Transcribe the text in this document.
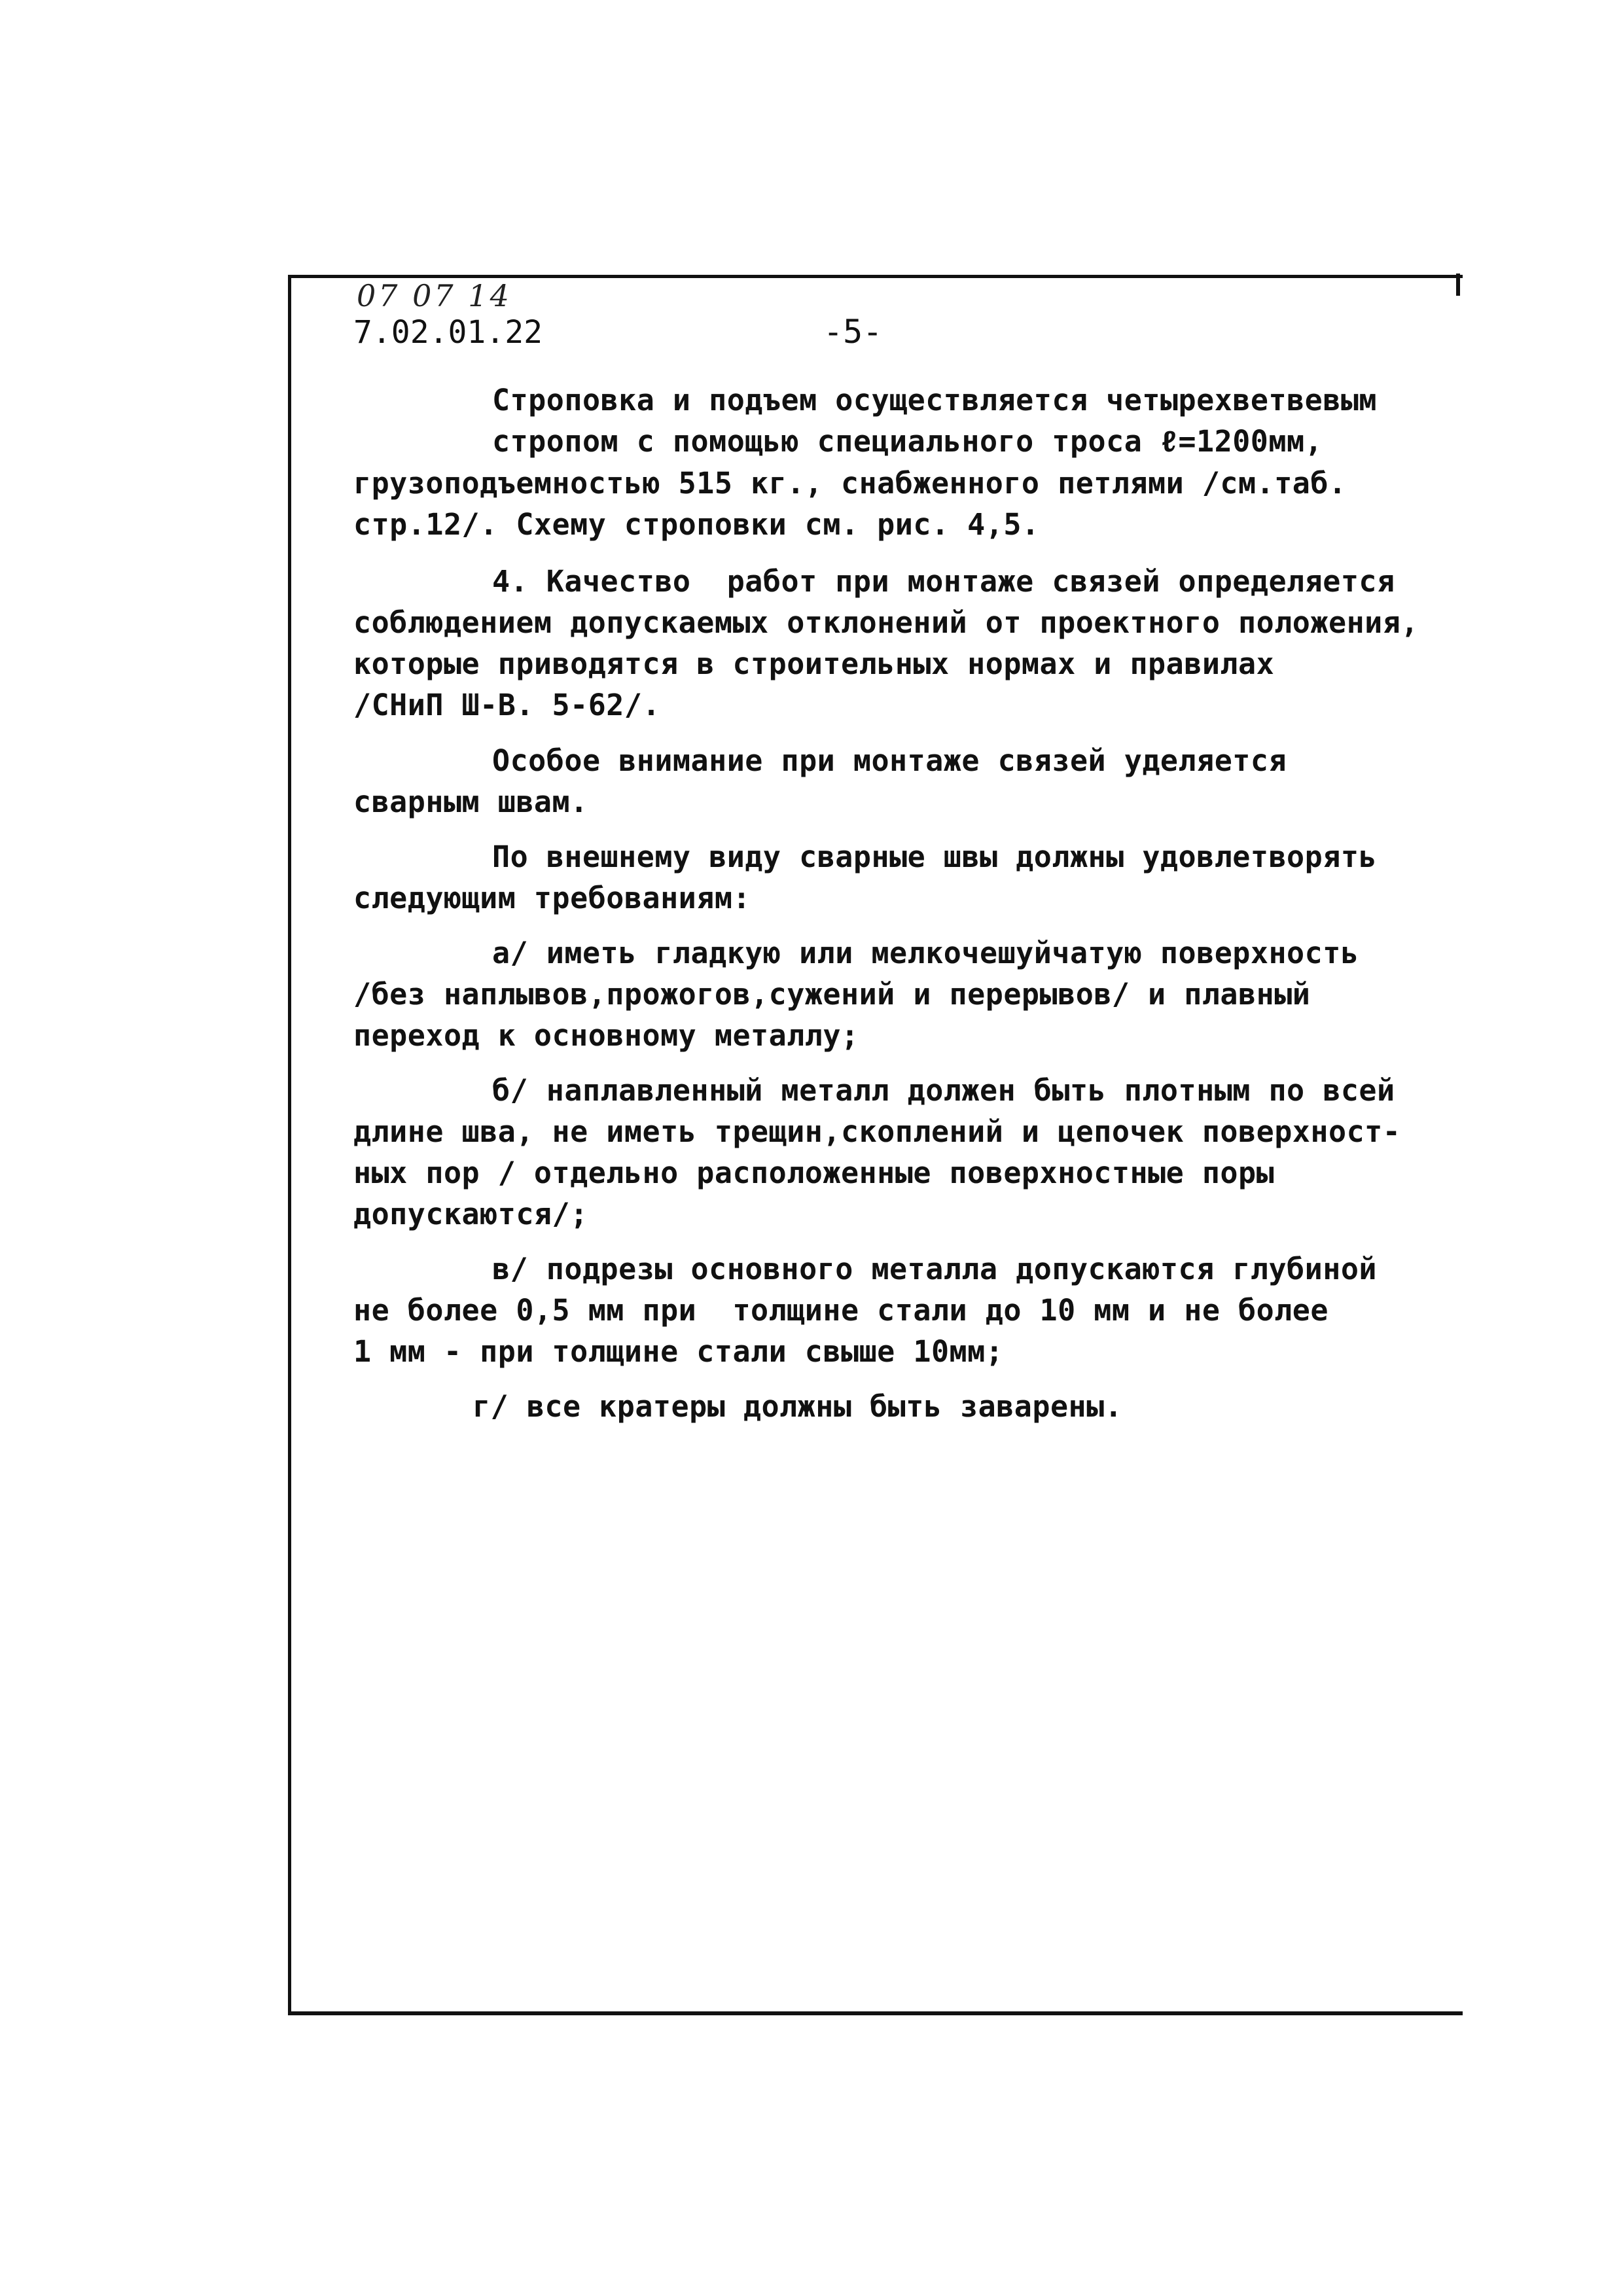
07 07 14
7.02.01.22	-5-
Строповка и подъем осуществляется четырехветвевым
стропом с помощью специального троса ℓ=1200мм,
грузоподъемностью 515 кг., снабженного петлями /см.таб.
стр.12/. Схему строповки см. рис. 4,5.
4. Качество  работ при монтаже связей определяется
соблюдением допускаемых отклонений от проектного положения,
которые приводятся в строительных нормах и правилах
/СНиП Ш-В. 5-62/.
Особое внимание при монтаже связей уделяется
сварным швам.
По внешнему виду сварные швы должны удовлетворять
следующим требованиям:
а/ иметь гладкую или мелкочешуйчатую поверхность
/без наплывов,прожогов,сужений и перерывов/ и плавный
переход к основному металлу;
б/ наплавленный металл должен быть плотным по всей
длине шва, не иметь трещин,скоплений и цепочек поверхност-
ных пор / отдельно расположенные поверхностные поры
допускаются/;
в/ подрезы основного металла допускаются глубиной
не более 0,5 мм при  толщине стали до 10 мм и не более
1 мм - при толщине стали свыше 10мм;
г/ все кратеры должны быть заварены.
